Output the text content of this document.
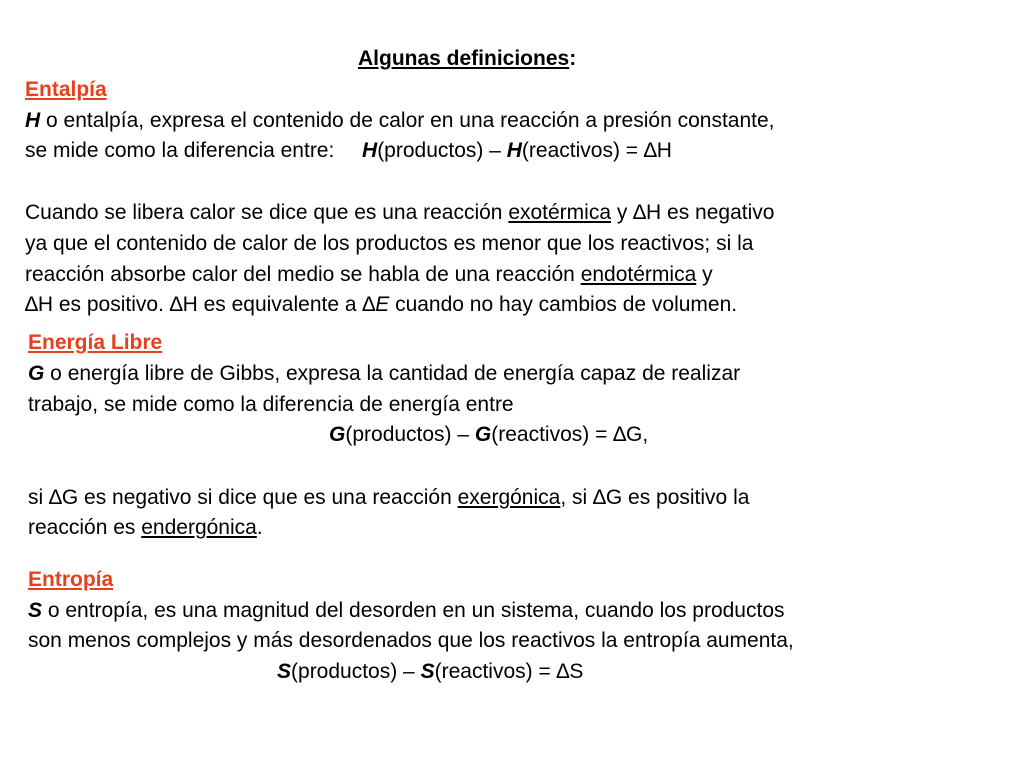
Algunas definiciones:
Entalpía
H o entalpía, expresa el contenido de calor en una reacción a presión constante,
se mide como la diferencia entre: H(productos) – H(reactivos) = ∆H
Cuando se libera calor se dice que es una reacción exotérmica y ∆H es negativo
ya que el contenido de calor de los productos es menor que los reactivos; si la
reacción absorbe calor del medio se habla de una reacción endotérmica y
∆H es positivo. ∆H es equivalente a ∆E cuando no hay cambios de volumen.
Energía Libre
G o energía libre de Gibbs, expresa la cantidad de energía capaz de realizar
trabajo, se mide como la diferencia de energía entre
G(productos) – G(reactivos) = ∆G,
si ∆G es negativo si dice que es una reacción exergónica, si ∆G es positivo la
reacción es endergónica.
Entropía
S o entropía, es una magnitud del desorden en un sistema, cuando los productos
son menos complejos y más desordenados que los reactivos la entropía aumenta,
S(productos) – S(reactivos) = ∆S
